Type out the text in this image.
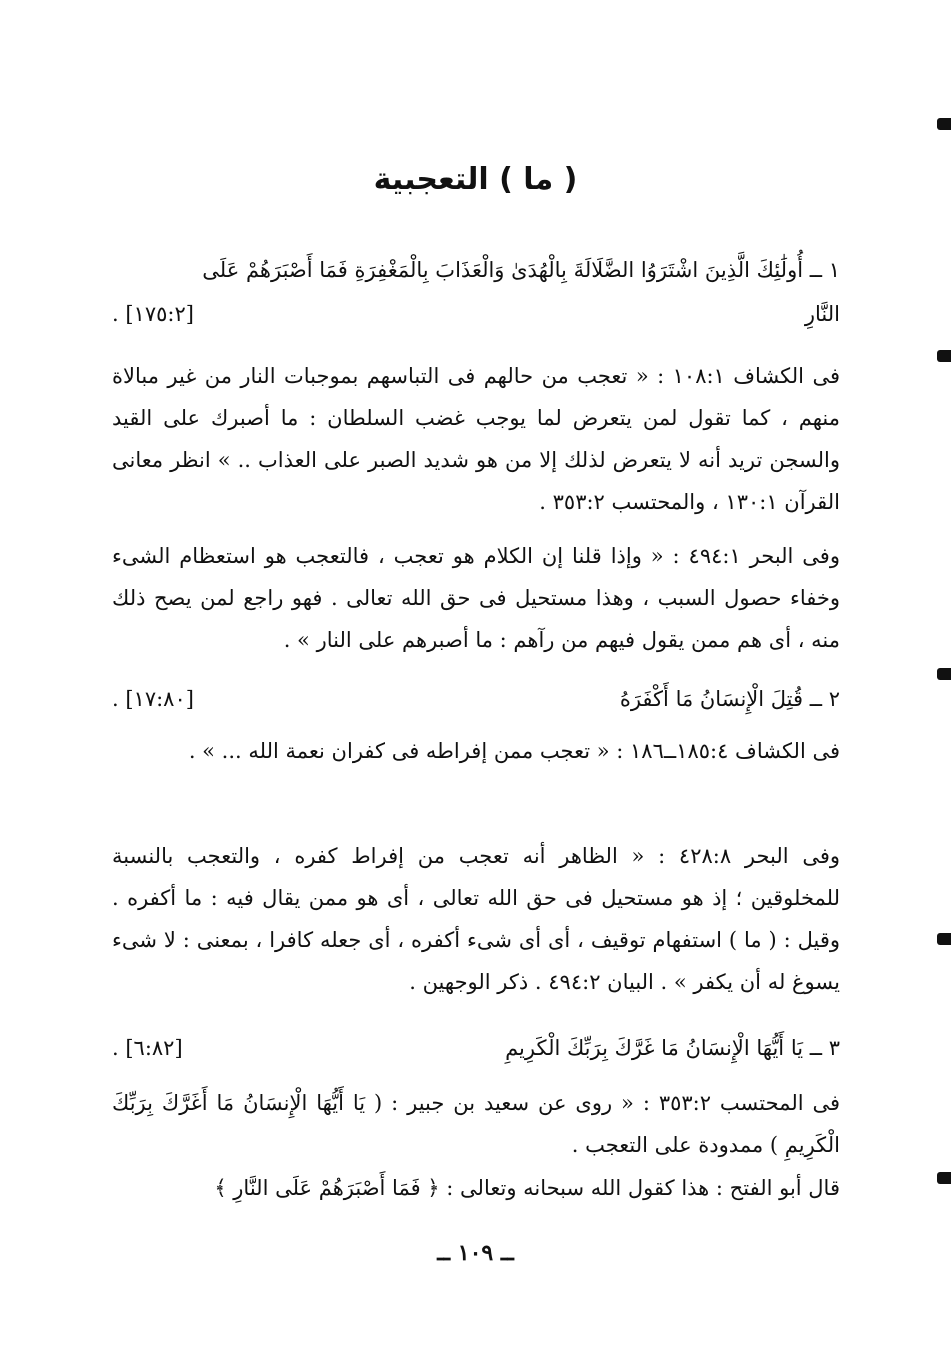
( ما ) التعجبية
١ ــ أُولَٰئِكَ الَّذِينَ اشْتَرَوُا الضَّلَالَةَ بِالْهُدَىٰ وَالْعَذَابَ بِالْمَغْفِرَةِ فَمَا أَصْبَرَهُمْ عَلَى
النَّارِ
[١٧٥:٢] .
فى الكشاف ١٠٨:١ : « تعجب من حالهم فى التباسهم بموجبات النار من غير مبالاة منهم ، كما تقول لمن يتعرض لما يوجب غضب السلطان : ما أصبرك على القيد والسجن تريد أنه لا يتعرض لذلك إلا من هو شديد الصبر على العذاب .. » انظر معانى القرآن ١٣٠:١ ، والمحتسب ٣٥٣:٢ .
وفى البحر ٤٩٤:١ : « وإذا قلنا إن الكلام هو تعجب ، فالتعجب هو استعظام الشىء وخفاء حصول السبب ، وهذا مستحيل فى حق الله تعالى . فهو راجع لمن يصح ذلك منه ، أى هم ممن يقول فيهم من رآهم : ما أصبرهم على النار » .
٢ ــ قُتِلَ الْإِنسَانُ مَا أَكْفَرَهُ
[١٧:٨٠] .
فى الكشاف ١٨٥:٤ــ١٨٦ : « تعجب ممن إفراطه فى كفران نعمة الله ... » .
وفى البحر ٤٢٨:٨ : « الظاهر أنه تعجب من إفراط كفره ، والتعجب بالنسبة للمخلوقين ؛ إذ هو مستحيل فى حق الله تعالى ، أى هو ممن يقال فيه : ما أكفره . وقيل : ( ما ) استفهام توقيف ، أى أى شىء أكفره ، أى جعله كافرا ، بمعنى : لا شىء يسوغ له أن يكفر » . البيان ٤٩٤:٢ . ذكر الوجهين .
٣ ــ يَا أَيُّهَا الْإِنسَانُ مَا غَرَّكَ بِرَبِّكَ الْكَرِيمِ
[٦:٨٢] .
فى المحتسب ٣٥٣:٢ : « روى عن سعيد بن جبير : ( يَا أَيُّهَا الْإِنسَانُ مَا أَغَرَّكَ بِرَبِّكَ الْكَرِيمِ ) ممدودة على التعجب .
قال أبو الفتح : هذا كقول الله سبحانه وتعالى : ﴿ فَمَا أَصْبَرَهُمْ عَلَى النَّارِ ﴾
ــ ١٠٩ ــ
